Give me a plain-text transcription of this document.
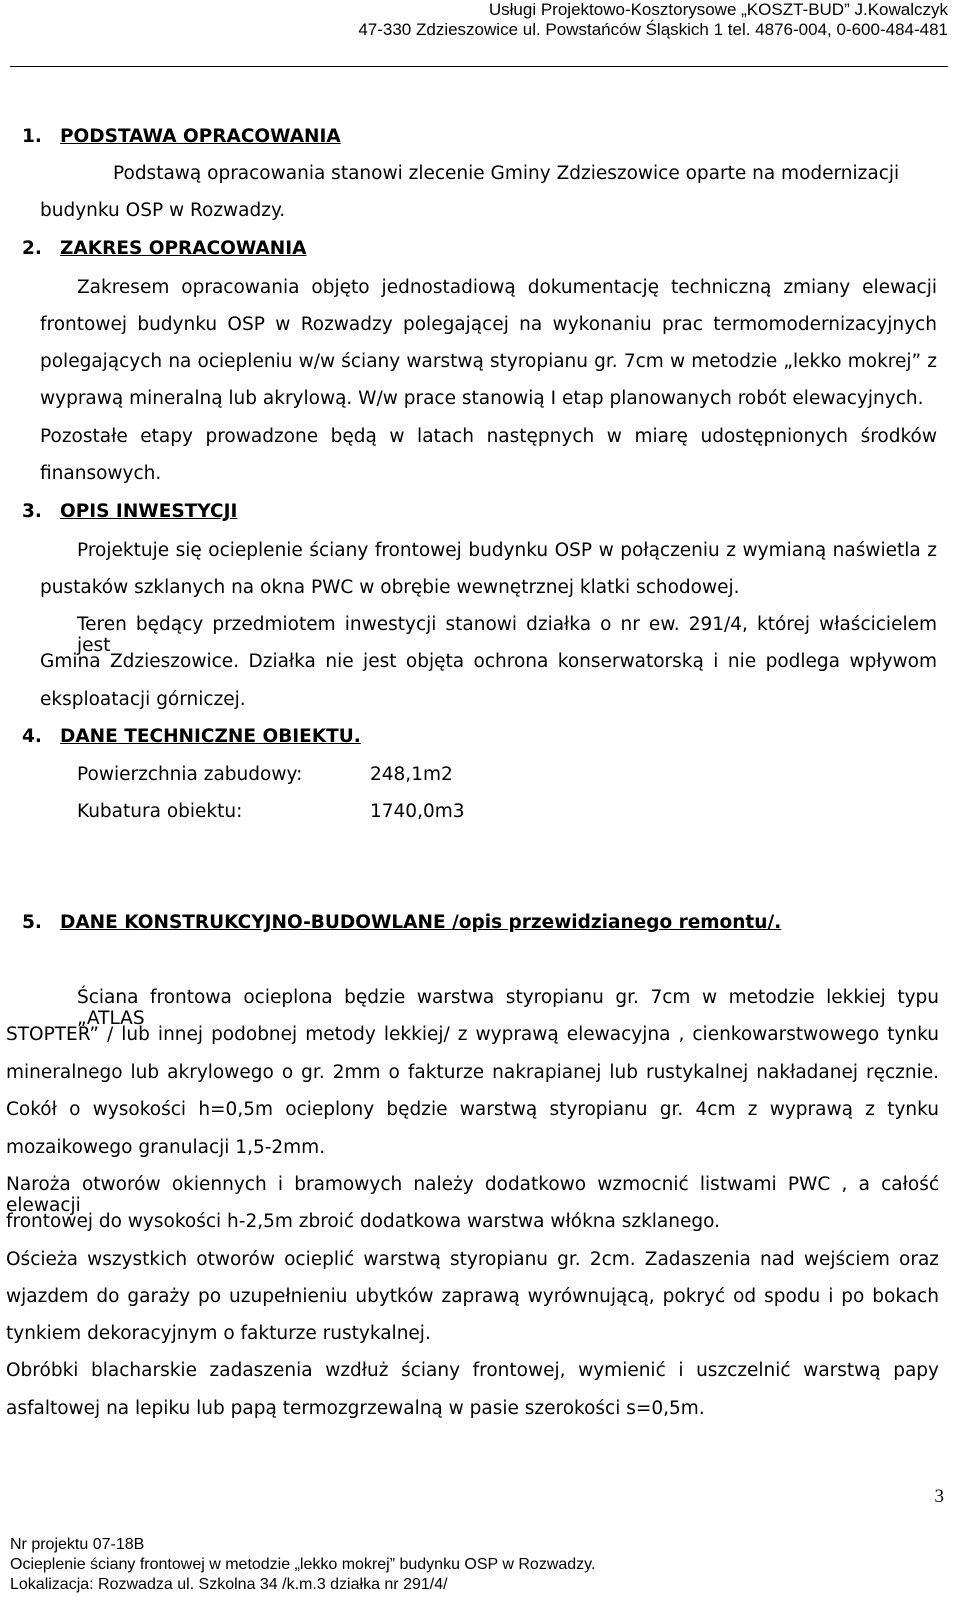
Usługi Projektowo-Kosztorysowe „KOSZT-BUD” J.Kowalczyk
47-330 Zdzieszowice ul. Powstańców Śląskich 1 tel. 4876-004, 0-600-484-481
1. PODSTAWA OPRACOWANIA
Podstawą opracowania stanowi zlecenie Gminy Zdzieszowice oparte na modernizacji
budynku OSP w Rozwadzy.
2. ZAKRES OPRACOWANIA
Zakresem opracowania objęto jednostadiową dokumentację techniczną zmiany elewacji
frontowej budynku OSP w Rozwadzy polegającej na wykonaniu prac termomodernizacyjnych
polegających na ociepleniu w/w ściany warstwą styropianu gr. 7cm w metodzie „lekko mokrej” z
wyprawą mineralną lub akrylową. W/w prace stanowią I etap planowanych robót elewacyjnych.
Pozostałe etapy prowadzone będą w latach następnych w miarę udostępnionych środków
finansowych.
3. OPIS INWESTYCJI
Projektuje się ocieplenie ściany frontowej budynku OSP w połączeniu z wymianą naświetla z
pustaków szklanych na okna PWC w obrębie wewnętrznej klatki schodowej.
Teren będący przedmiotem inwestycji stanowi działka o nr ew. 291/4, której właścicielem jest
Gmina Zdzieszowice. Działka nie jest objęta ochrona konserwatorską i nie podlega wpływom
eksploatacji górniczej.
4. DANE TECHNICZNE OBIEKTU.
Powierzchnia zabudowy:	248,1m2
Kubatura obiektu:	1740,0m3
5. DANE KONSTRUKCYJNO-BUDOWLANE /opis przewidzianego remontu/.
Ściana frontowa ocieplona będzie warstwa styropianu gr. 7cm w metodzie lekkiej typu „ATLAS
STOPTER” / lub innej podobnej metody lekkiej/ z wyprawą elewacyjna , cienkowarstwowego tynku
mineralnego lub akrylowego o gr. 2mm o fakturze nakrapianej lub rustykalnej nakładanej ręcznie.
Cokół o wysokości h=0,5m ocieplony będzie warstwą styropianu gr. 4cm z wyprawą z tynku
mozaikowego granulacji 1,5-2mm.
Naroża otworów okiennych i bramowych należy dodatkowo wzmocnić listwami PWC , a całość elewacji
frontowej do wysokości h-2,5m zbroić dodatkowa warstwa włókna szklanego.
Ościeża wszystkich otworów ocieplić warstwą styropianu gr. 2cm. Zadaszenia nad wejściem oraz
wjazdem do garaży po uzupełnieniu ubytków zaprawą wyrównującą, pokryć od spodu i po bokach
tynkiem dekoracyjnym o fakturze rustykalnej.
Obróbki blacharskie zadaszenia wzdłuż ściany frontowej, wymienić i uszczelnić warstwą papy
asfaltowej na lepiku lub papą termozgrzewalną w pasie szerokości s=0,5m.
3
Nr projektu 07-18B
Ocieplenie ściany frontowej w metodzie „lekko mokrej” budynku OSP w Rozwadzy.
Lokalizacja: Rozwadza ul. Szkolna 34 /k.m.3 działka nr 291/4/
